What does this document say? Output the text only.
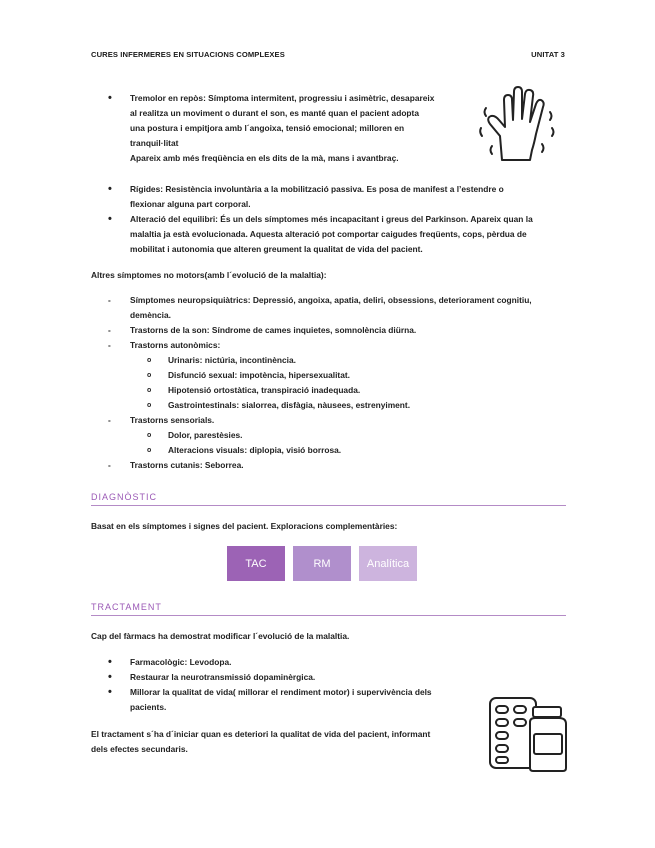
CURES INFERMERES EN SITUACIONS COMPLEXES	UNITAT 3
• Tremolor en repòs: Símptoma intermitent, progressiu i asimètric, desapareix
al realitza un moviment o durant el son, es manté quan el pacient adopta
una postura i empitjora amb l´angoixa, tensió emocional; milloren en
tranquil·litat
Apareix amb més freqüència en els dits de la mà, mans i avantbraç.
• Rígides: Resistència involuntària a la mobilització passiva. Es posa de manifest a l’estendre o
flexionar alguna part corporal.
• Alteració del equilibri: És un dels símptomes més incapacitant i greus del Parkinson. Apareix quan la
malaltia ja està evolucionada. Aquesta alteració pot comportar caigudes freqüents, cops, pèrdua de
mobilitat i autonomia que alteren greument la qualitat de vida del pacient.
Altres símptomes no motors(amb l´evolució de la malaltia):
- Símptomes neuropsiquiàtrics: Depressió, angoixa, apatia, deliri, obsessions, deteriorament cognitiu,
demència.
- Trastorns de la son: Síndrome de cames inquietes, somnolència diürna.
- Trastorns autonòmics:
o Urinaris: nictúria, incontinència.
o Disfunció sexual: impotència, hipersexualitat.
o Hipotensió ortostàtica, transpiració inadequada.
o Gastrointestinals: sialorrea, disfàgia, nàusees, estrenyiment.
- Trastorns sensorials.
o Dolor, parestèsies.
o Alteracions visuals: diplopia, visió borrosa.
- Trastorns cutanis: Seborrea.
DIAGNÒSTIC
Basat en els símptomes i signes del pacient. Exploracions complementàries:
TAC	RM	Analítica
TRACTAMENT
Cap del fàrmacs ha demostrat modificar l´evolució de la malaltia.
• Farmacològic: Levodopa.
• Restaurar la neurotransmissió dopaminèrgica.
• Millorar la qualitat de vida( millorar el rendiment motor) i supervivència dels
pacients.
El tractament s´ha d´iniciar quan es deteriori la qualitat de vida del pacient, informant
dels efectes secundaris.
